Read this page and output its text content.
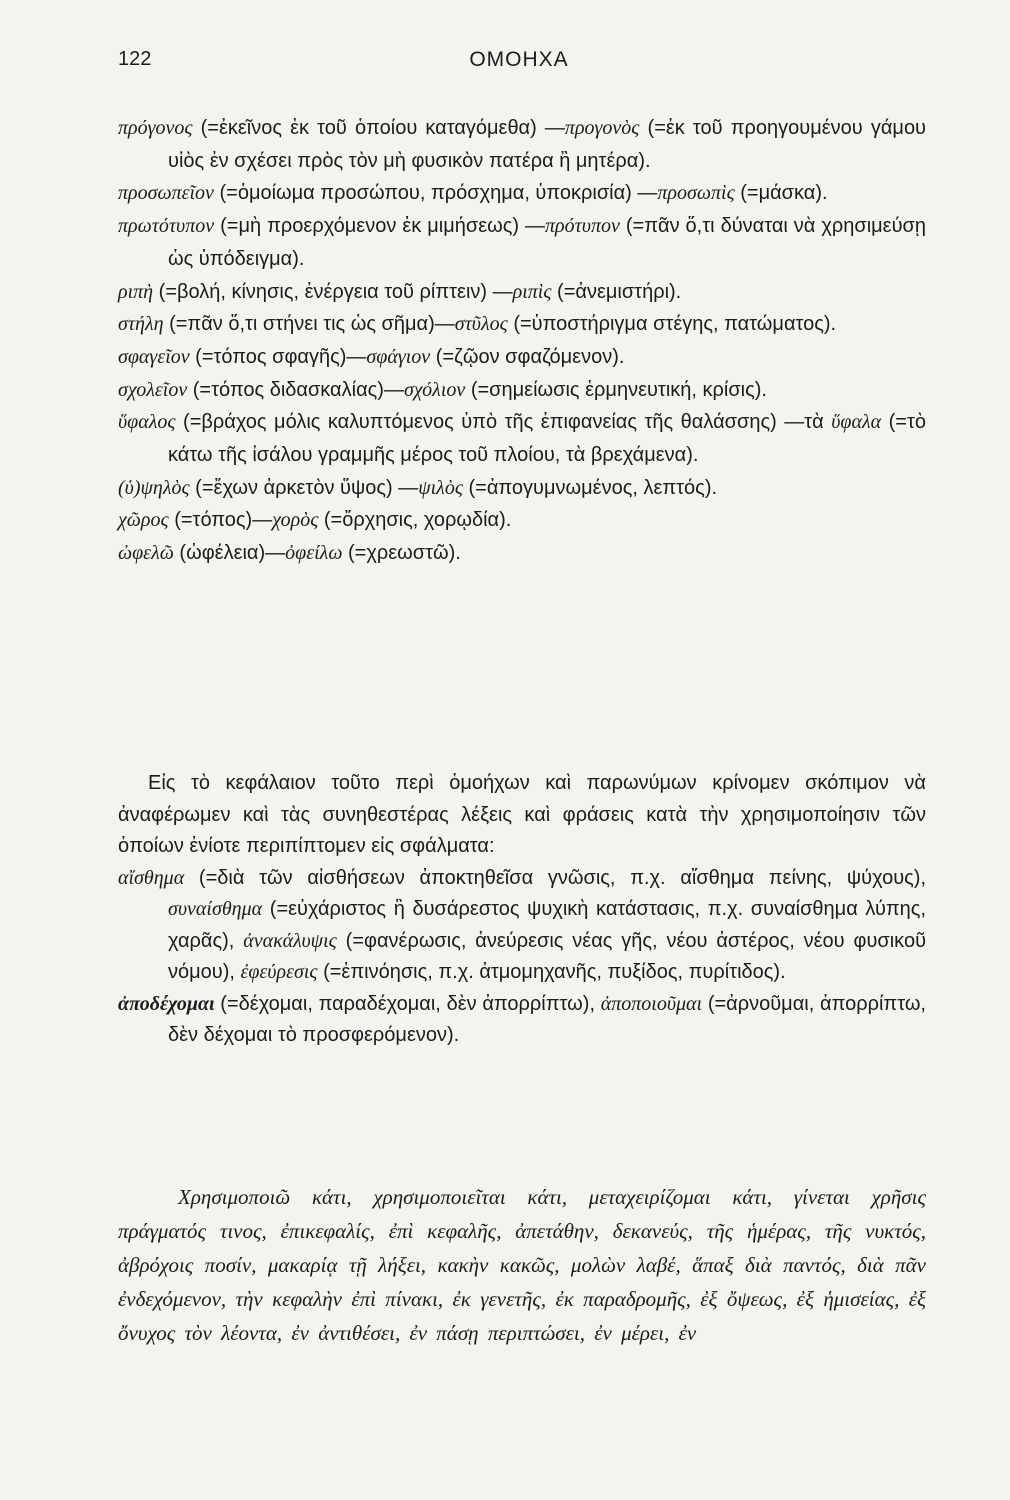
122	ΟΜΟΗΧΑ

πρόγονος (=ἐκεῖνος ἐκ τοῦ ὁποίου καταγόμεθα) —προγονὸς (=ἐκ τοῦ προηγουμένου γάμου υἱὸς ἐν σχέσει πρὸς τὸν μὴ φυσικὸν πατέρα ἢ μητέρα).

προσωπεῖον (=ὁμοίωμα προσώπου, πρόσχημα, ὑποκρισία) —προσωπὶς (=μάσκα).

πρωτότυπον (=μὴ προερχόμενον ἐκ μιμήσεως) —πρότυπον (=πᾶν ὅ,τι δύναται νὰ χρησιμεύσῃ ὡς ὑπόδειγμα).

ριπὴ (=βολή, κίνησις, ἐνέργεια τοῦ ρίπτειν) —ριπὶς (=ἀνεμιστήρι).

στήλη (=πᾶν ὅ,τι στήνει τις ὡς σῆμα)—στῦλος (=ὑποστήριγμα στέγης, πατώματος).

σφαγεῖον (=τόπος σφαγῆς)—σφάγιον (=ζῷον σφαζόμενον).

σχολεῖον (=τόπος διδασκαλίας)—σχόλιον (=σημείωσις ἑρμηνευτική, κρίσις).

ὕφαλος (=βράχος μόλις καλυπτόμενος ὑπὸ τῆς ἐπιφανείας τῆς θαλάσσης) —τὰ ὕφαλα (=τὸ κάτω τῆς ἰσάλου γραμμῆς μέρος τοῦ πλοίου, τὰ βρεχάμενα).

(ὑ)ψηλὸς (=ἔχων ἀρκετὸν ὕψος) —ψιλὸς (=ἀπογυμνωμένος, λεπτός).

χῶρος (=τόπος)—χορὸς (=ὄρχησις, χορῳδία).

ὠφελῶ (ὠφέλεια)—ὀφείλω (=χρεωστῶ).

Εἰς τὸ κεφάλαιον τοῦτο περὶ ὁμοήχων καὶ παρωνύμων κρίνομεν σκόπιμον νὰ ἀναφέρωμεν καὶ τὰς συνηθεστέρας λέξεις καὶ φράσεις κατὰ τὴν χρησιμοποίησιν τῶν ὁποίων ἐνίοτε περιπίπτομεν εἰς σφάλματα:

αἴσθημα (=διὰ τῶν αἰσθήσεων ἀποκτηθεῖσα γνῶσις, π.χ. αἴσθημα πείνης, ψύχους), συναίσθημα (=εὐχάριστος ἢ δυσάρεστος ψυχικὴ κατάστασις, π.χ. συναίσθημα λύπης, χαρᾶς), ἀνακάλυψις (=φανέρωσις, ἀνεύρεσις νέας γῆς, νέου ἀστέρος, νέου φυσικοῦ νόμου), ἐφεύρεσις (=ἐπινόησις, π.χ. ἀτμομηχανῆς, πυξίδος, πυρίτιδος).

ἀποδέχομαι (=δέχομαι, παραδέχομαι, δὲν ἀπορρίπτω), ἀποποιοῦμαι (=ἀρνοῦμαι, ἀπορρίπτω, δὲν δέχομαι τὸ προσφερόμενον).

Χρησιμοποιῶ κάτι, χρησιμοποιεῖται κάτι, μεταχειρίζομαι κάτι, γίνεται χρῆσις πράγματός τινος, ἐπικεφαλίς, ἐπὶ κεφαλῆς, ἀπετάθην, δεκανεύς, τῆς ἡμέρας, τῆς νυκτός, ἀβρόχοις ποσίν, μακαρίᾳ τῇ λήξει, κακὴν κακῶς, μολὼν λαβέ, ἅπαξ διὰ παντός, διὰ πᾶν ἐνδεχόμενον, τὴν κεφαλὴν ἐπὶ πίνακι, ἐκ γενετῆς, ἐκ παραδρομῆς, ἐξ ὄψεως, ἐξ ἡμισείας, ἐξ ὄνυχος τὸν λέοντα, ἐν ἀντιθέσει, ἐν πάσῃ περιπτώσει, ἐν μέρει, ἐν
